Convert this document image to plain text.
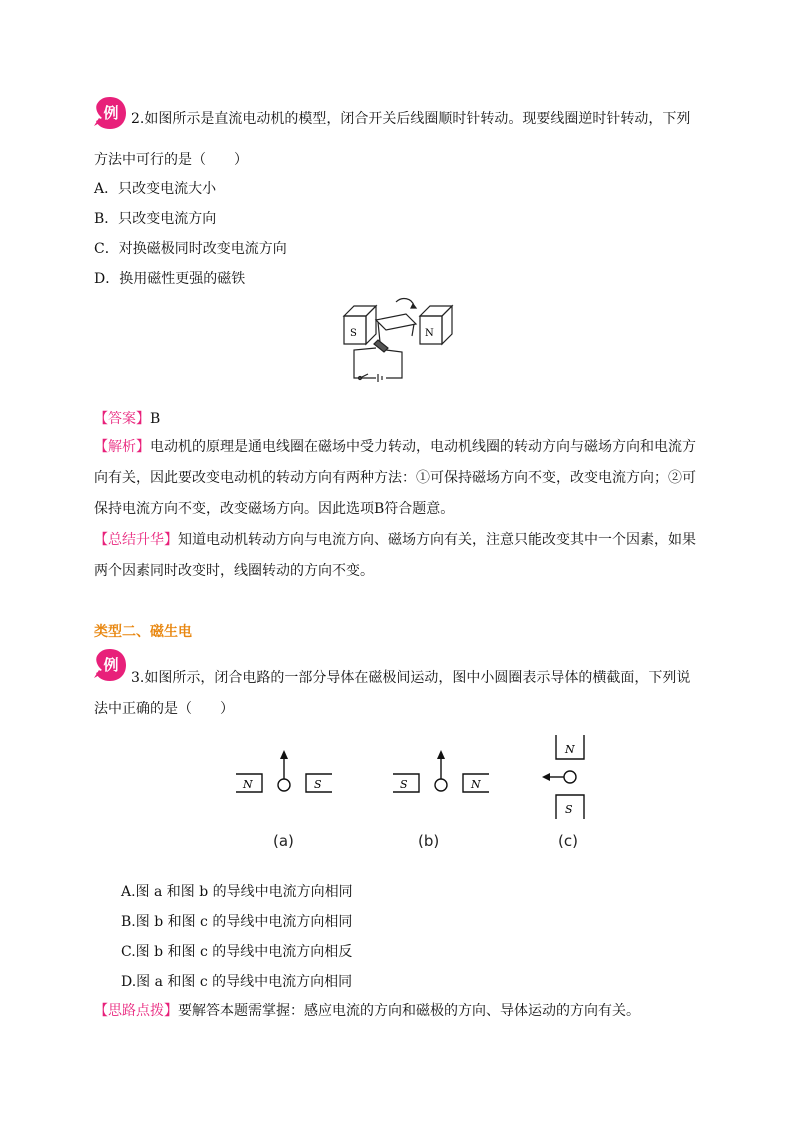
例 2.如图所示是直流电动机的模型，闭合开关后线圈顺时针转动。现要线圈逆时针转动，下列
方法中可行的是（　　）
A．只改变电流大小
B．只改变电流方向
C．对换磁极同时改变电流方向
D．换用磁性更强的磁铁
S	N
【答案】B
【解析】电动机的原理是通电线圈在磁场中受力转动，电动机线圈的转动方向与磁场方向和电流方
向有关，因此要改变电动机的转动方向有两种方法：①可保持磁场方向不变，改变电流方向；②可
保持电流方向不变，改变磁场方向。因此选项B符合题意。
【总结升华】知道电动机转动方向与电流方向、磁场方向有关，注意只能改变其中一个因素，如果
两个因素同时改变时，线圈转动的方向不变。
类型二、磁生电
例
3.如图所示，闭合电路的一部分导体在磁极间运动，图中小圆圈表示导体的横截面，下列说
法中正确的是（　　）
N	S
(a)
S	N
(b)
N
S
(c)
A.图 a 和图 b 的导线中电流方向相同
B.图 b 和图 c 的导线中电流方向相同
C.图 b 和图 c 的导线中电流方向相反
D.图 a 和图 c 的导线中电流方向相同
【思路点拨】要解答本题需掌握：感应电流的方向和磁极的方向、导体运动的方向有关。
